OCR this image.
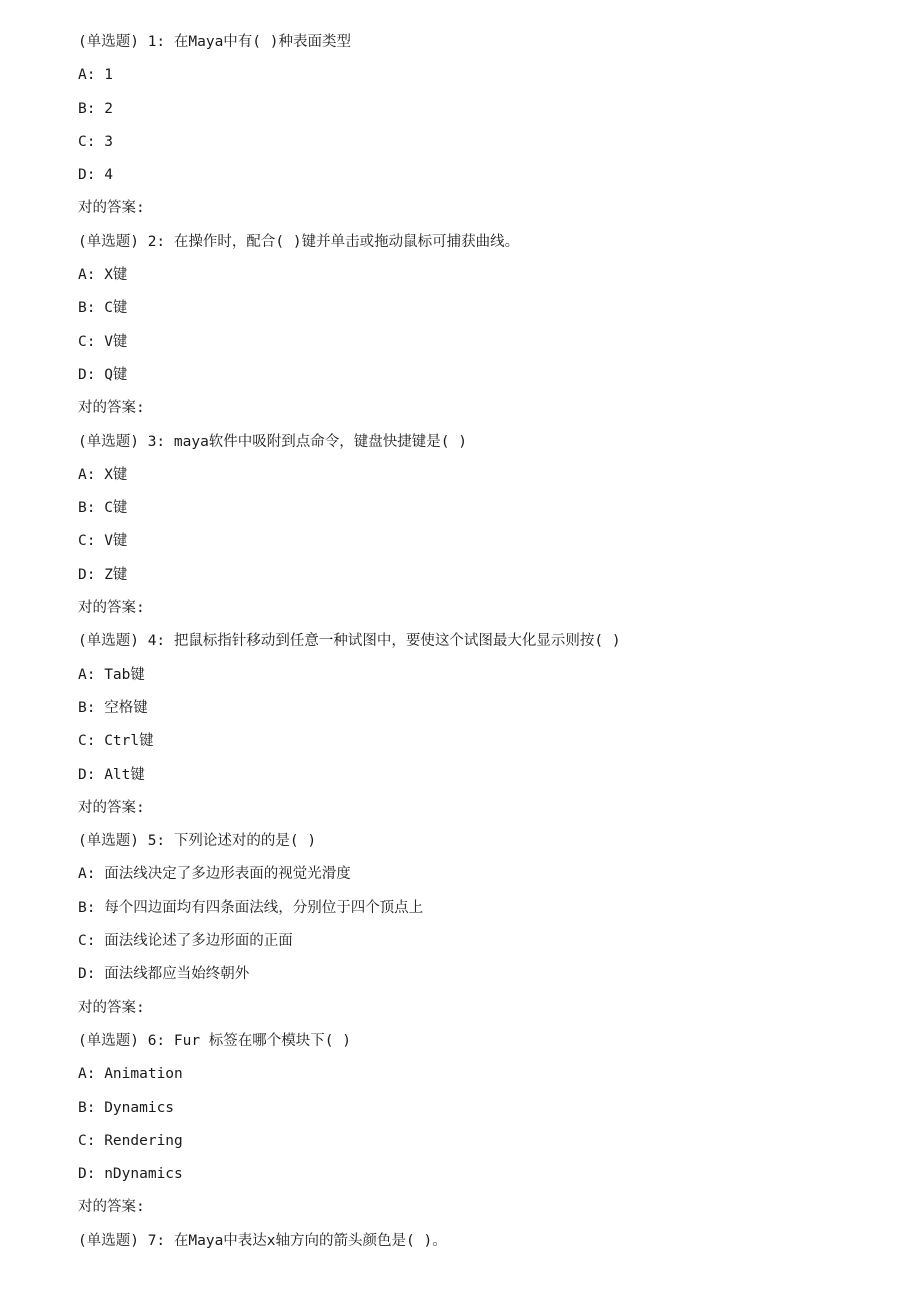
(单选题) 1: 在Maya中有( )种表面类型
A: 1
B: 2
C: 3
D: 4
对的答案:
(单选题) 2: 在操作时，配合( )键并单击或拖动鼠标可捕获曲线。
A: X键
B: C键
C: V键
D: Q键
对的答案:
(单选题) 3: maya软件中吸附到点命令，键盘快捷键是( )
A: X键
B: C键
C: V键
D: Z键
对的答案:
(单选题) 4: 把鼠标指针移动到任意一种试图中，要使这个试图最大化显示则按( )
A: Tab键
B: 空格键
C: Ctrl键
D: Alt键
对的答案:
(单选题) 5: 下列论述对的的是( )
A: 面法线决定了多边形表面的视觉光滑度
B: 每个四边面均有四条面法线，分别位于四个顶点上
C: 面法线论述了多边形面的正面
D: 面法线都应当始终朝外
对的答案:
(单选题) 6: Fur 标签在哪个模块下( )
A: Animation
B: Dynamics
C: Rendering
D: nDynamics
对的答案:
(单选题) 7: 在Maya中表达x轴方向的箭头颜色是( )。
